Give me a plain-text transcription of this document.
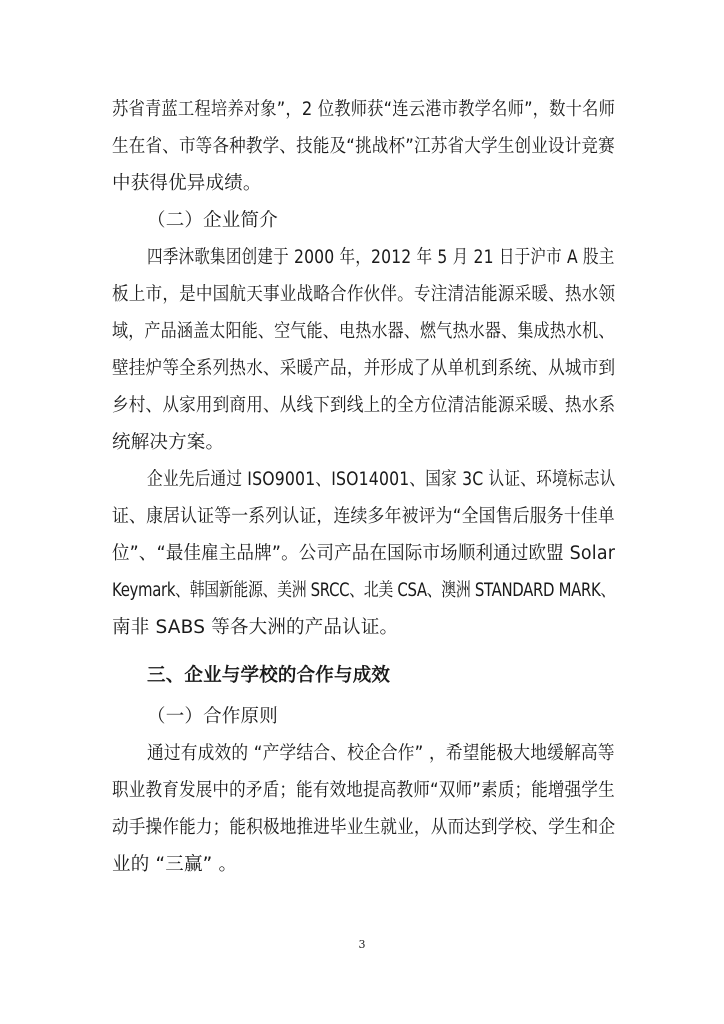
苏省青蓝工程培养对象”，2 位教师获“连云港市教学名师”，数十名师
生在省、市等各种教学、技能及“挑战杯”江苏省大学生创业设计竞赛
中获得优异成绩。
（二）企业简介
四季沐歌集团创建于 2000 年，2012 年 5 月 21 日于沪市 A 股主
板上市，是中国航天事业战略合作伙伴。专注清洁能源采暖、热水领
域，产品涵盖太阳能、空气能、电热水器、燃气热水器、集成热水机、
壁挂炉等全系列热水、采暖产品，并形成了从单机到系统、从城市到
乡村、从家用到商用、从线下到线上的全方位清洁能源采暖、热水系
统解决方案。
企业先后通过 ISO9001、ISO14001、国家 3C 认证、环境标志认
证、康居认证等一系列认证，连续多年被评为“全国售后服务十佳单
位”、“最佳雇主品牌”。公司产品在国际市场顺利通过欧盟 Solar
Keymark、韩国新能源、美洲 SRCC、北美 CSA、澳洲 STANDARD MARK、
南非 SABS 等各大洲的产品认证。
三、企业与学校的合作与成效
（一）合作原则
通过有成效的 “产学结合、校企合作” ，希望能极大地缓解高等
职业教育发展中的矛盾；能有效地提高教师“双师”素质；能增强学生
动手操作能力；能积极地推进毕业生就业，从而达到学校、学生和企
业的 “三赢” 。
3
